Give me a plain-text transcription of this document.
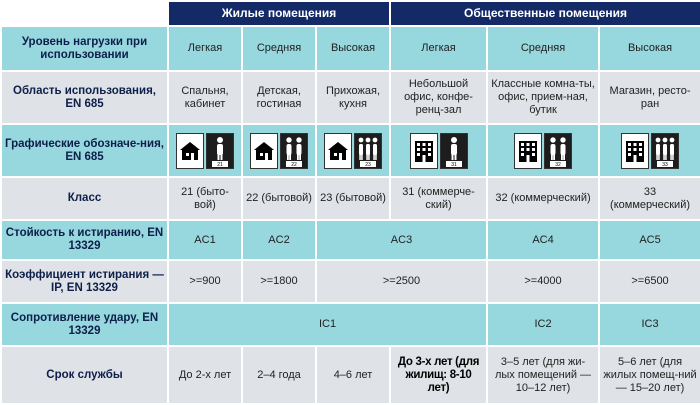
	Жилые помещения			Общественные помещения		
Уровень нагрузки при использовании	Легкая	Средняя	Высокая	Легкая	Средняя	Высокая
Область использования, EN 685	Спальня, кабинет	Детская, гостиная	Прихожая, кухня	Небольшой офис, конфе-ренц-зал	Классные комна-ты, офис, прием-ная, бутик	Магазин, ресто-ран
Графические обозначе-ния, EN 685	21	22	23	31	32	33

Класс	21 (быто-вой)	22 (бытовой)	23 (бытовой)	31 (коммерче-ский)	32 (коммерческий)	33 (коммерческий)
Стойкость к истиранию, EN 13329	AC1	AC2	AC3		AC4	AC5
Коэффициент истирания — IP, EN 13329	>=900	>=1800	>=2500		>=4000	>=6500
Сопротивление удару, EN 13329	IC1				IC2	IC3
Срок службы	До 2-х лет	2–4 года	4–6 лет	До 3-х лет (для жилищ: 8-10 лет)	3–5 лет (для жи-лых помещений — 10–12 лет)	5–6 лет (для жилых помещ-ний — 15–20 лет)
